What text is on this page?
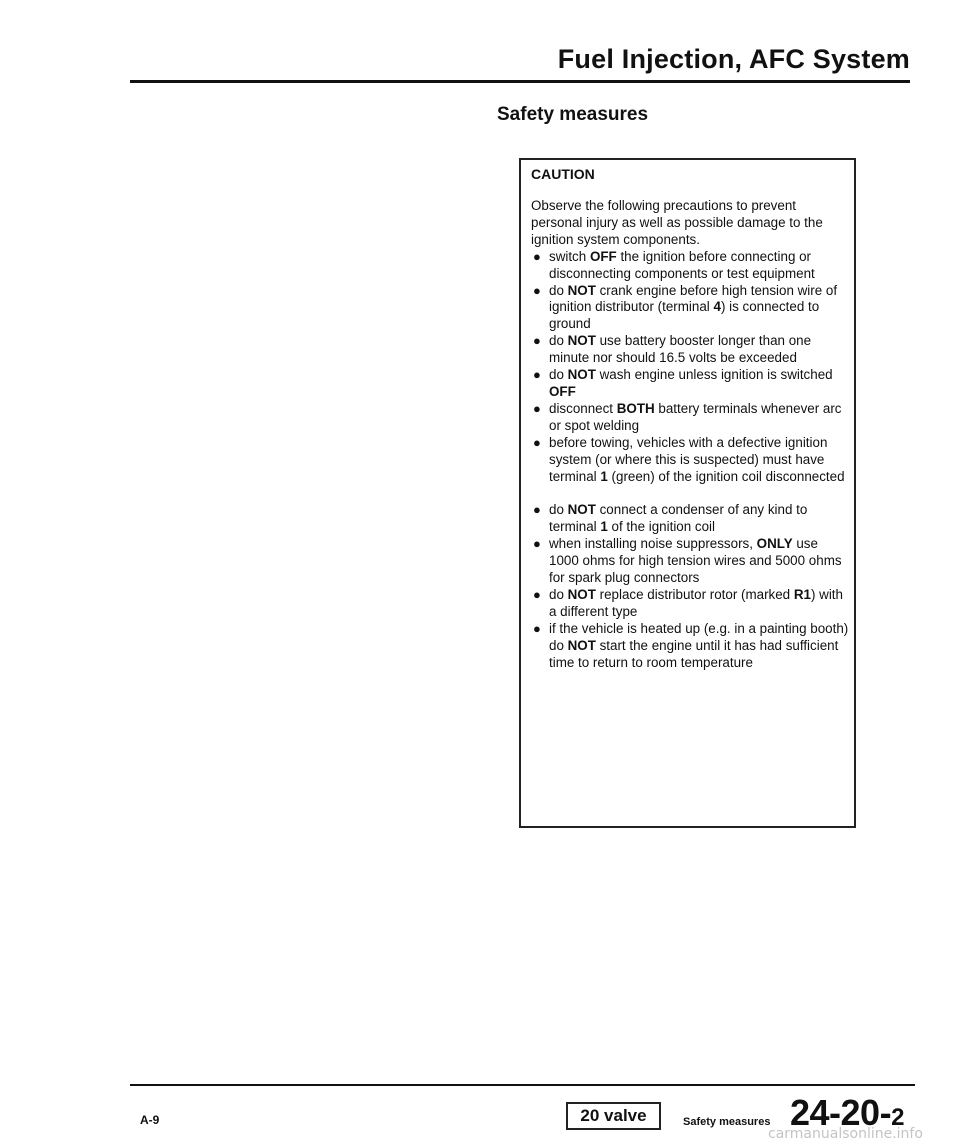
Fuel Injection, AFC System
Safety measures
CAUTION

Observe the following precautions to prevent personal injury as well as possible damage to the ignition system components.

● switch OFF the ignition before connecting or disconnecting components or test equipment
● do NOT crank engine before high tension wire of ignition distributor (terminal 4) is connected to ground
● do NOT use battery booster longer than one minute nor should 16.5 volts be exceeded
● do NOT wash engine unless ignition is switched OFF
● disconnect BOTH battery terminals whenever arc or spot welding
● before towing, vehicles with a defective ignition system (or where this is suspected) must have terminal 1 (green) of the ignition coil disconnected
● do NOT connect a condenser of any kind to terminal 1 of the ignition coil
● when installing noise suppressors, ONLY use 1000 ohms for high tension wires and 5000 ohms for spark plug connectors
● do NOT replace distributor rotor (marked R1) with a different type
● if the vehicle is heated up (e.g. in a painting booth) do NOT start the engine until it has had sufficient time to return to room temperature
A-9	20 valve	Safety measures 24-20-2
carmanualsonline.info
